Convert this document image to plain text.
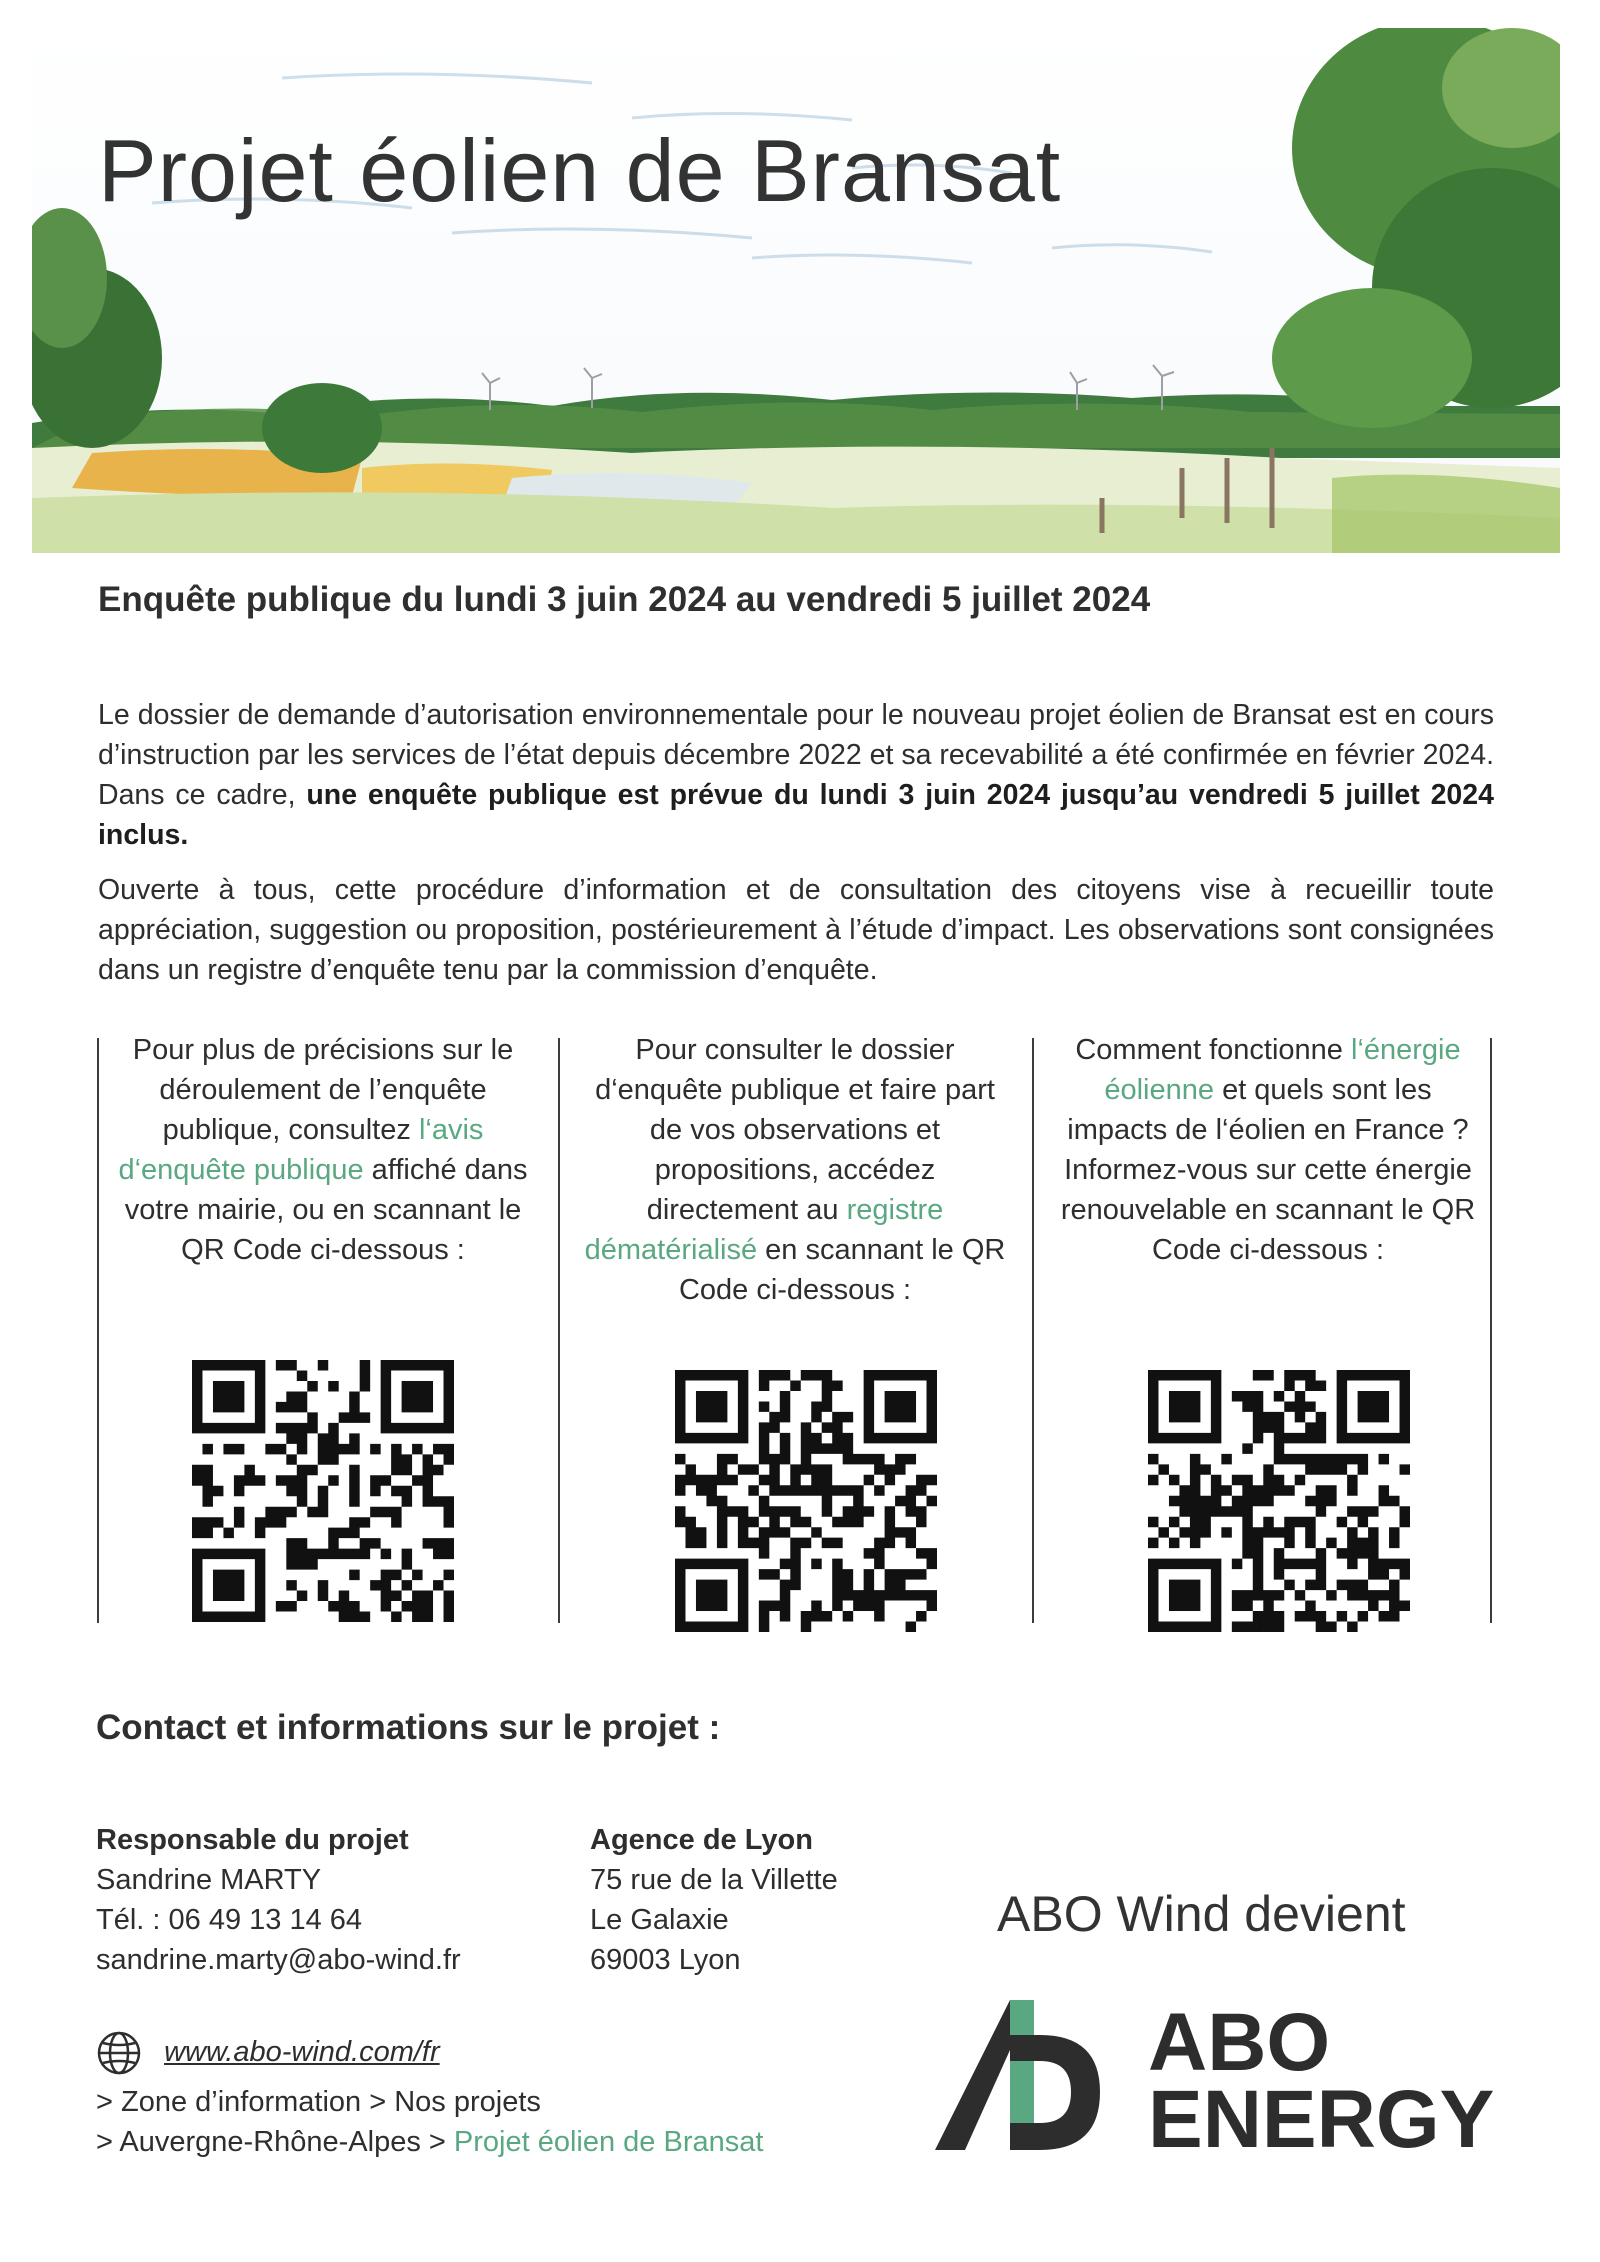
Projet éolien de Bransat
Enquête publique du lundi 3 juin 2024 au vendredi 5 juillet 2024

Le dossier de demande d’autorisation environnementale pour le nouveau projet éolien de Bransat est en cours d’instruction par les services de l’état depuis décembre 2022 et sa recevabilité a été confirmée en février 2024. Dans ce cadre, une enquête publique est prévue du lundi 3 juin 2024 jusqu’au vendredi 5 juillet 2024 inclus.

Ouverte à tous, cette procédure d’information et de consultation des citoyens vise à recueillir toute appréciation, suggestion ou proposition, postérieurement à l’étude d’impact. Les observations sont consignées dans un registre d’enquête tenu par la commission d’enquête.

Pour plus de précisions sur le déroulement de l’enquête publique, consultez l‘avis d‘enquête publique affiché dans votre mairie, ou en scannant le QR Code ci-dessous :
Pour consulter le dossier d‘enquête publique et faire part de vos observations et propositions, accédez directement au registre dématérialisé en scannant le QR Code ci-dessous :
Comment fonctionne l‘énergie éolienne et quels sont les impacts de l‘éolien en France ? Informez-vous sur cette énergie renouvelable en scannant le QR Code ci-dessous :
Contact et informations sur le projet :
Responsable du projet
Sandrine MARTY
Tél. : 06 49 13 14 64
sandrine.marty@abo-wind.fr
Agence de Lyon
75 rue de la Villette
Le Galaxie
69003 Lyon
www.abo-wind.com/fr
> Zone d’information > Nos projets
> Auvergne-Rhône-Alpes > Projet éolien de Bransat
ABO Wind devient
ABO
ENERGY
